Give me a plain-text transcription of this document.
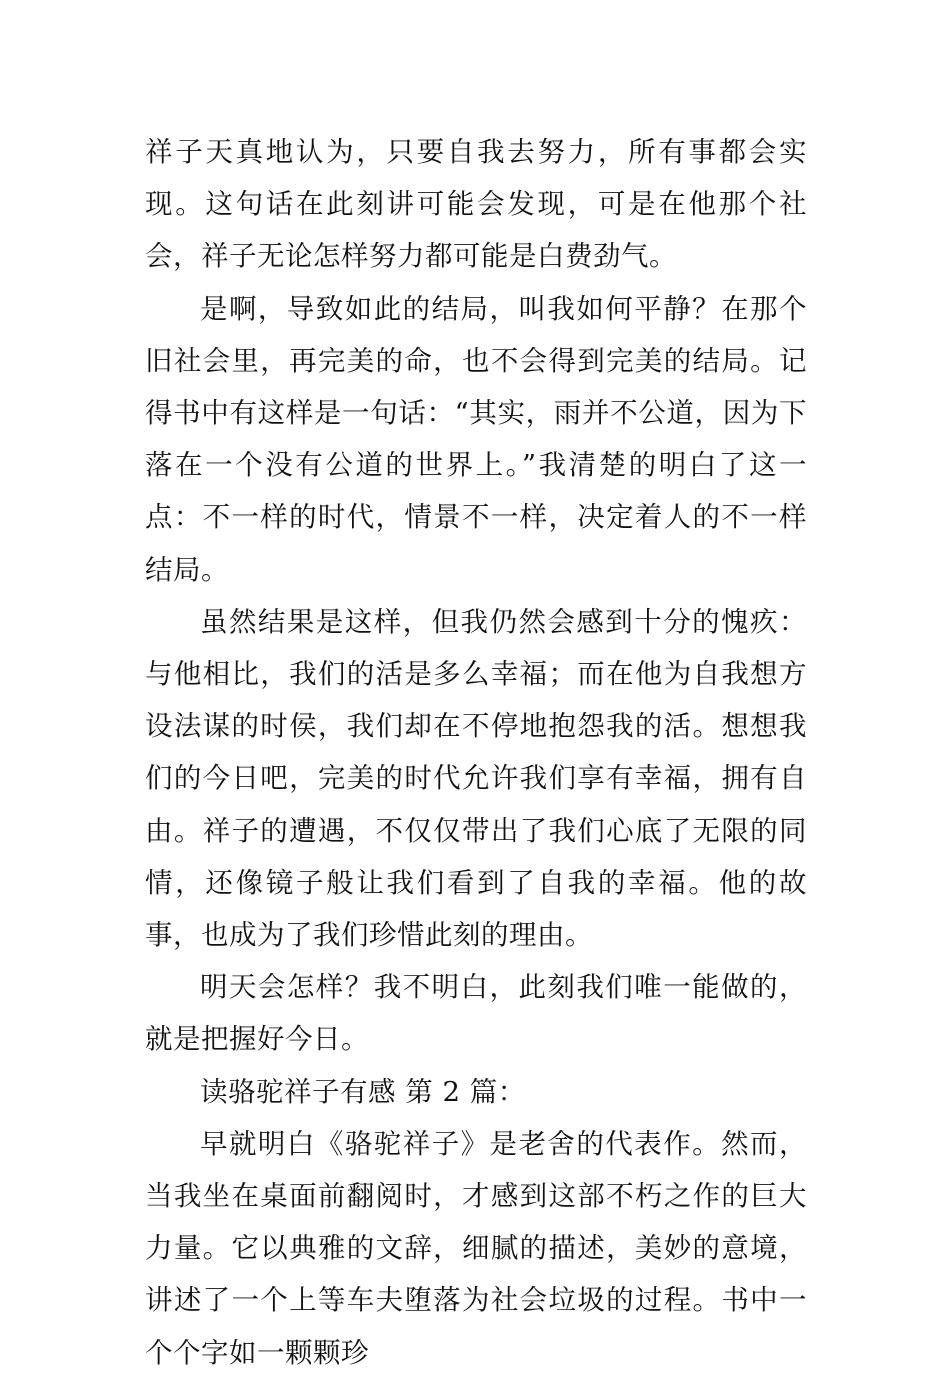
祥子天真地认为，只要自我去努力，所有事都会实现。这句话在此刻讲可能会发现，可是在他那个社会，祥子无论怎样努力都可能是白费劲气。

是啊，导致如此的结局，叫我如何平静？在那个旧社会里，再完美的命，也不会得到完美的结局。记得书中有这样是一句话：“其实，雨并不公道，因为下落在一个没有公道的世界上。”我清楚的明白了这一点：不一样的时代，情景不一样，决定着人的不一样结局。

虽然结果是这样，但我仍然会感到十分的愧疚：与他相比，我们的活是多么幸福；而在他为自我想方设法谋的时侯，我们却在不停地抱怨我的活。想想我们的今日吧，完美的时代允许我们享有幸福，拥有自由。祥子的遭遇，不仅仅带出了我们心底了无限的同情，还像镜子般让我们看到了自我的幸福。他的故事，也成为了我们珍惜此刻的理由。

明天会怎样？我不明白，此刻我们唯一能做的，就是把握好今日。

读骆驼祥子有感 第 2 篇：

早就明白《骆驼祥子》是老舍的代表作。然而，当我坐在桌面前翻阅时，才感到这部不朽之作的巨大力量。它以典雅的文辞，细腻的描述，美妙的意境，讲述了一个上等车夫堕落为社会垃圾的过程。书中一个个字如一颗颗珍
